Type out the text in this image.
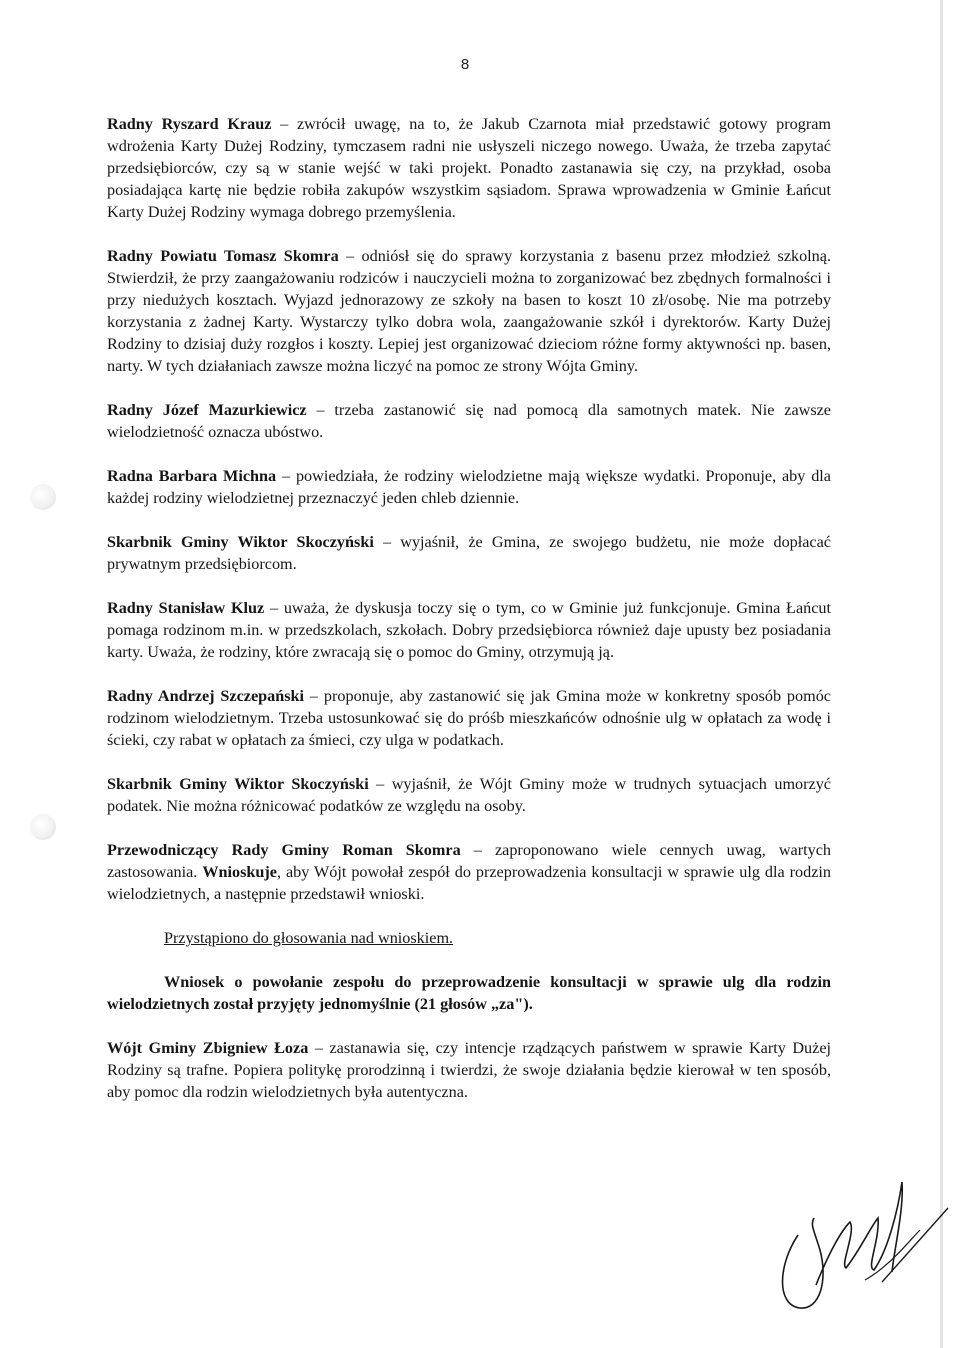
8

Radny Ryszard Krauz – zwrócił uwagę, na to, że Jakub Czarnota miał przedstawić gotowy program wdrożenia Karty Dużej Rodziny, tymczasem radni nie usłyszeli niczego nowego. Uważa, że trzeba zapytać przedsiębiorców, czy są w stanie wejść w taki projekt. Ponadto zastanawia się czy, na przykład, osoba posiadająca kartę nie będzie robiła zakupów wszystkim sąsiadom. Sprawa wprowadzenia w Gminie Łańcut Karty Dużej Rodziny wymaga dobrego przemyślenia.

Radny Powiatu Tomasz Skomra – odniósł się do sprawy korzystania z basenu przez młodzież szkolną. Stwierdził, że przy zaangażowaniu rodziców i nauczycieli można to zorganizować bez zbędnych formalności i przy niedużych kosztach. Wyjazd jednorazowy ze szkoły na basen to koszt 10 zł/osobę. Nie ma potrzeby korzystania z żadnej Karty. Wystarczy tylko dobra wola, zaangażowanie szkół i dyrektorów. Karty Dużej Rodziny to dzisiaj duży rozgłos i koszty. Lepiej jest organizować dzieciom różne formy aktywności np. basen, narty. W tych działaniach zawsze można liczyć na pomoc ze strony Wójta Gminy.

Radny Józef Mazurkiewicz – trzeba zastanowić się nad pomocą dla samotnych matek. Nie zawsze wielodzietność oznacza ubóstwo.

Radna Barbara Michna – powiedziała, że rodziny wielodzietne mają większe wydatki. Proponuje, aby dla każdej rodziny wielodzietnej przeznaczyć jeden chleb dziennie.

Skarbnik Gminy Wiktor Skoczyński – wyjaśnił, że Gmina, ze swojego budżetu, nie może dopłacać prywatnym przedsiębiorcom.

Radny Stanisław Kluz – uważa, że dyskusja toczy się o tym, co w Gminie już funkcjonuje. Gmina Łańcut pomaga rodzinom m.in. w przedszkolach, szkołach. Dobry przedsiębiorca również daje upusty bez posiadania karty. Uważa, że rodziny, które zwracają się o pomoc do Gminy, otrzymują ją.

Radny Andrzej Szczepański – proponuje, aby zastanowić się jak Gmina może w konkretny sposób pomóc rodzinom wielodzietnym. Trzeba ustosunkować się do próśb mieszkańców odnośnie ulg w opłatach za wodę i ścieki, czy rabat w opłatach za śmieci, czy ulga w podatkach.

Skarbnik Gminy Wiktor Skoczyński – wyjaśnił, że Wójt Gminy może w trudnych sytuacjach umorzyć podatek. Nie można różnicować podatków ze względu na osoby.

Przewodniczący Rady Gminy Roman Skomra – zaproponowano wiele cennych uwag, wartych zastosowania. Wnioskuje, aby Wójt powołał zespół do przeprowadzenia konsultacji w sprawie ulg dla rodzin wielodzietnych, a następnie przedstawił wnioski.

Przystąpiono do głosowania nad wnioskiem.

Wniosek o powołanie zespołu do przeprowadzenie konsultacji w sprawie ulg dla rodzin wielodzietnych został przyjęty jednomyślnie (21 głosów „za").

Wójt Gminy Zbigniew Łoza – zastanawia się, czy intencje rządzących państwem w sprawie Karty Dużej Rodziny są trafne. Popiera politykę prorodzinną i twierdzi, że swoje działania będzie kierował w ten sposób, aby pomoc dla rodzin wielodzietnych była autentyczna.
